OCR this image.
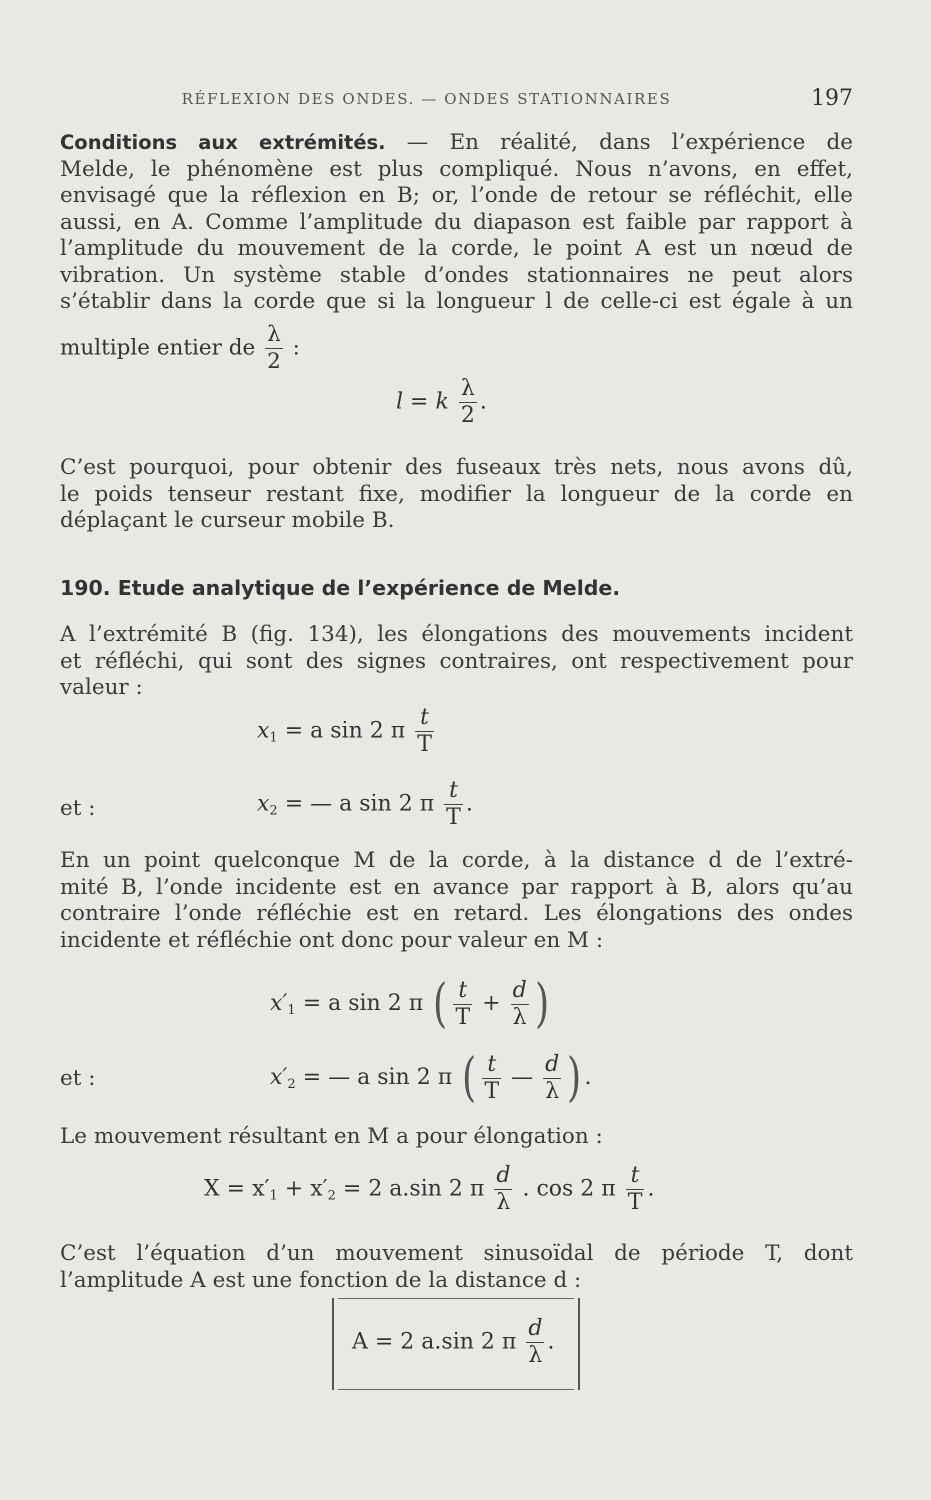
RÉFLEXION DES ONDES. — ONDES STATIONNAIRES	197
Conditions aux extrémités. — En réalité, dans l’expérience de
Melde, le phénomène est plus compliqué. Nous n’avons, en effet,
envisagé que la réflexion en B; or, l’onde de retour se réfléchit, elle
aussi, en A. Comme l’amplitude du diapason est faible par rapport à
l’amplitude du mouvement de la corde, le point A est un nœud de
vibration. Un système stable d’ondes stationnaires ne peut alors
s’établir dans la corde que si la longueur l de celle-ci est égale à un
multiple entier de $\frac{\lambda}{2}$ :
l = k $\frac{\lambda}{2}$ .
C’est pourquoi, pour obtenir des fuseaux très nets, nous avons dû,
le poids tenseur restant fixe, modifier la longueur de la corde en
déplaçant le curseur mobile B.
190. Etude analytique de l’expérience de Melde.
A l’extrémité B (fig. 134), les élongations des mouvements incident
et réfléchi, qui sont des signes contraires, ont respectivement pour
valeur :
$x_1 = a$ sin 2 π $\frac{t}{T}$
et :	$x_2$ = — a sin 2 π $\frac{t}{T}$ .
En un point quelconque M de la corde, à la distance d de l’extré-
mité B, l’onde incidente est en avance par rapport à B, alors qu’au
contraire l’onde réfléchie est en retard. Les élongations des ondes
incidente et réfléchie ont donc pour valeur en M :
$x'_1 = a$ sin 2 π ( $\frac{t}{T} + \frac{d}{\lambda}$ )
et :	$x'_2$ = — a sin 2 π ( $\frac{t}{T}$ — $\frac{d}{\lambda}$ ) .
Le mouvement résultant en M a pour élongation :
$X = x'_1 + x'_2 = 2$ a.sin 2 π $\frac{d}{\lambda}$ . cos 2 π $\frac{t}{T}$ .
C’est l’équation d’un mouvement sinusoïdal de période T, dont
l’amplitude A est une fonction de la distance d :
A = 2 a.sin 2 π $\frac{d}{\lambda}$ .
